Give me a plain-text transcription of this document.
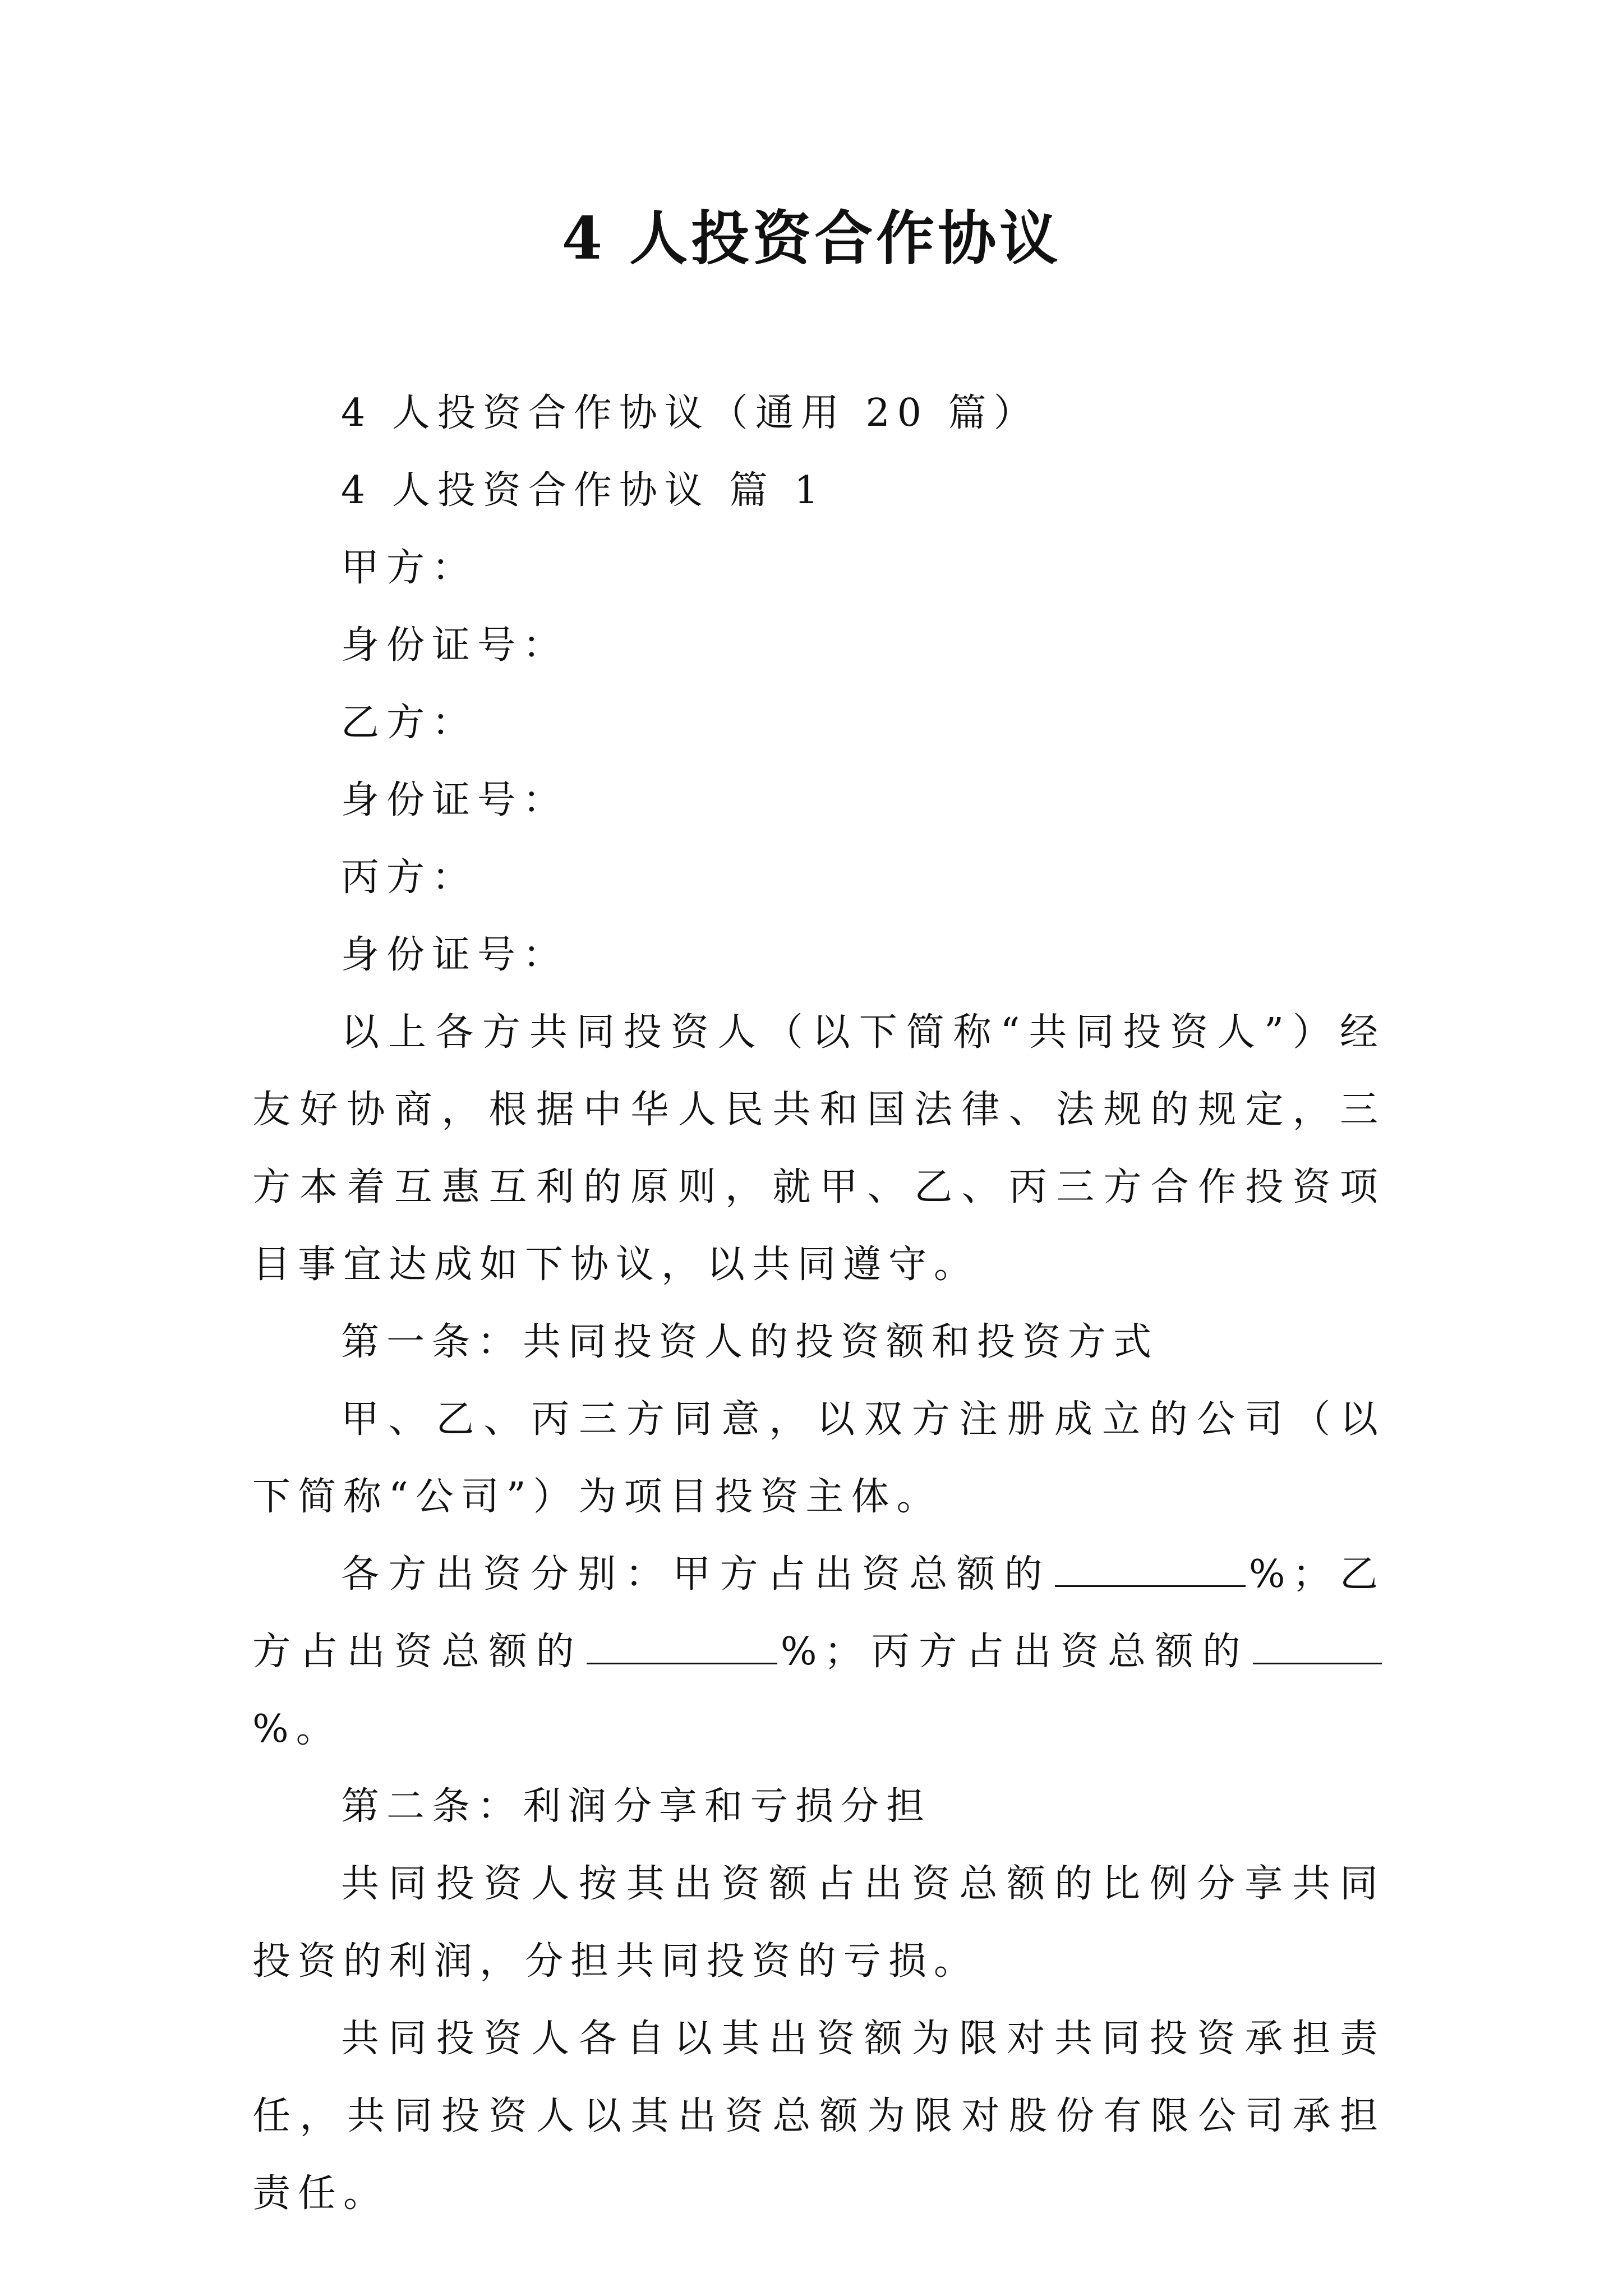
4 人投资合作协议

4 人投资合作协议（通用 20 篇）

4 人投资合作协议 篇 1

甲方：

身份证号：

乙方：

身份证号：

丙方：

身份证号：

以上各方共同投资人（以下简称“共同投资人”）经友好协商，根据中华人民共和国法律、法规的规定，三方本着互惠互利的原则，就甲、乙、丙三方合作投资项目事宜达成如下协议，以共同遵守。

第一条：共同投资人的投资额和投资方式

甲、乙、丙三方同意，以双方注册成立的公司（以下简称“公司”）为项目投资主体。

各方出资分别：甲方占出资总额的	%；乙方占出资总额的	%；丙方占出资总额的%。

第二条：利润分享和亏损分担

共同投资人按其出资额占出资总额的比例分享共同投资的利润，分担共同投资的亏损。

共同投资人各自以其出资额为限对共同投资承担责任，共同投资人以其出资总额为限对股份有限公司承担责任。
